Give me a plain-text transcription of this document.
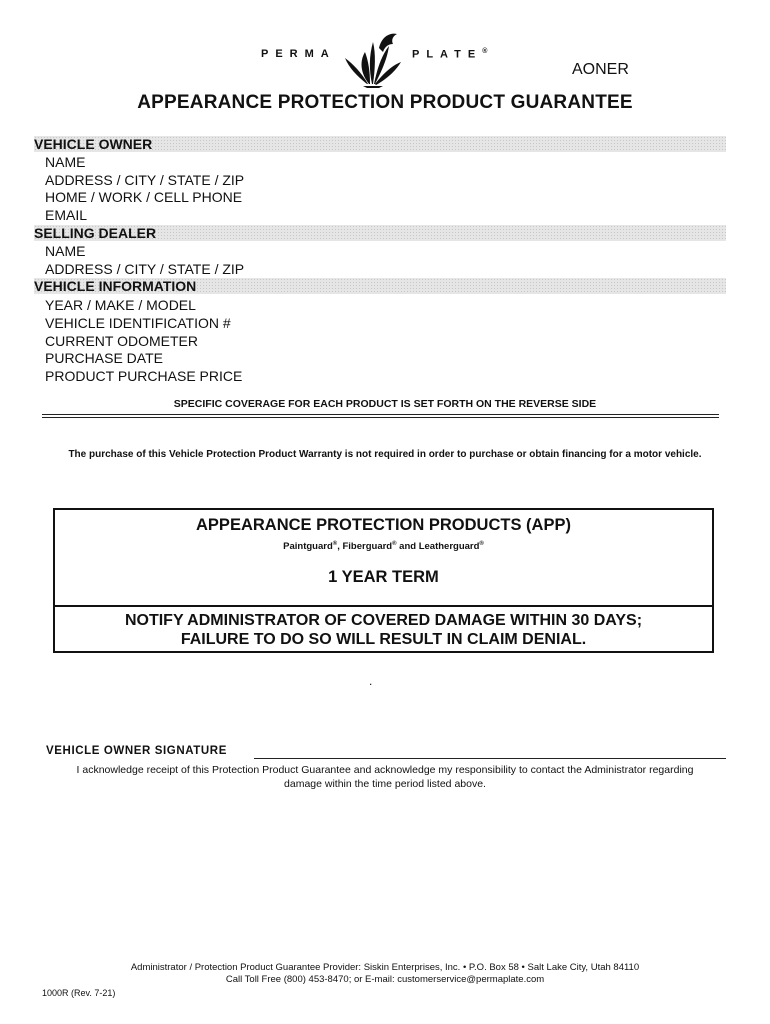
PERMA	PLATE®
AONER
APPEARANCE PROTECTION PRODUCT GUARANTEE
VEHICLE OWNER
NAME
ADDRESS / CITY / STATE / ZIP
HOME / WORK / CELL PHONE
EMAIL
SELLING DEALER
NAME
ADDRESS / CITY / STATE / ZIP
VEHICLE INFORMATION
YEAR / MAKE / MODEL
VEHICLE IDENTIFICATION #
CURRENT ODOMETER
PURCHASE DATE
PRODUCT PURCHASE PRICE
SPECIFIC COVERAGE FOR EACH PRODUCT IS SET FORTH ON THE REVERSE SIDE
The purchase of this Vehicle Protection Product Warranty is not required in order to purchase or obtain financing for a motor vehicle.
APPEARANCE PROTECTION PRODUCTS (APP)
Paintguard®, Fiberguard® and Leatherguard®
1 YEAR TERM
NOTIFY ADMINISTRATOR OF COVERED DAMAGE WITHIN 30 DAYS;
FAILURE TO DO SO WILL RESULT IN CLAIM DENIAL.
.
VEHICLE OWNER SIGNATURE
I acknowledge receipt of this Protection Product Guarantee and acknowledge my responsibility to contact the Administrator regarding
damage within the time period listed above.
Administrator / Protection Product Guarantee Provider: Siskin Enterprises, Inc. • P.O. Box 58 • Salt Lake City, Utah 84110
Call Toll Free (800) 453-8470; or E-mail: customerservice@permaplate.com
1000R (Rev. 7-21)
